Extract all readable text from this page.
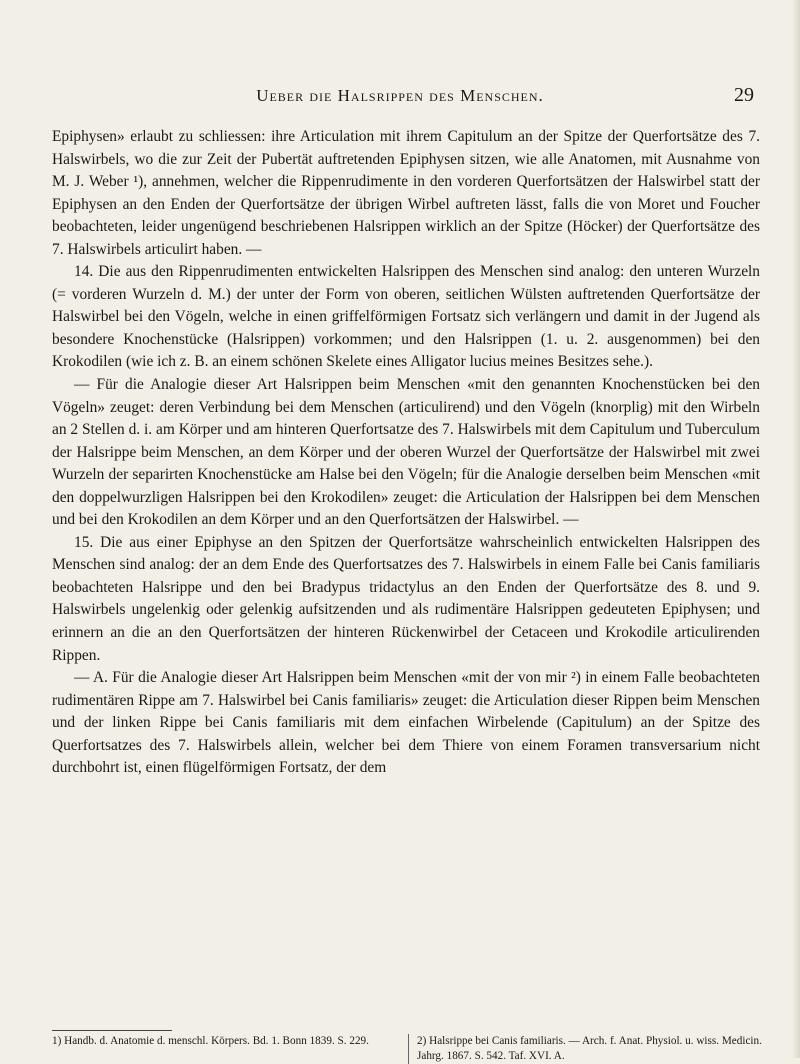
Ueber die Halsrippen des Menschen.	29

Epiphysen» erlaubt zu schliessen: ihre Articulation mit ihrem Capitulum an der Spitze der Querfortsätze des 7. Halswirbels, wo die zur Zeit der Pubertät auftretenden Epiphysen sitzen, wie alle Anatomen, mit Ausnahme von M. J. Weber ¹), annehmen, welcher die Rippenrudimente in den vorderen Querfortsätzen der Halswirbel statt der Epiphysen an den Enden der Querfortsätze der übrigen Wirbel auftreten lässt, falls die von Moret und Foucher beobachteten, leider ungenügend beschriebenen Halsrippen wirklich an der Spitze (Höcker) der Querfortsätze des 7. Halswirbels articulirt haben. —

14. Die aus den Rippenrudimenten entwickelten Halsrippen des Menschen sind analog: den unteren Wurzeln (= vorderen Wurzeln d. M.) der unter der Form von oberen, seitlichen Wülsten auftretenden Querfortsätze der Halswirbel bei den Vögeln, welche in einen griffelförmigen Fortsatz sich verlängern und damit in der Jugend als besondere Knochenstücke (Halsrippen) vorkommen; und den Halsrippen (1. u. 2. ausgenommen) bei den Krokodilen (wie ich z. B. an einem schönen Skelete eines Alligator lucius meines Besitzes sehe.).

— Für die Analogie dieser Art Halsrippen beim Menschen «mit den genannten Knochenstücken bei den Vögeln» zeuget: deren Verbindung bei dem Menschen (articulirend) und den Vögeln (knorplig) mit den Wirbeln an 2 Stellen d. i. am Körper und am hinteren Querfortsatze des 7. Halswirbels mit dem Capitulum und Tuberculum der Halsrippe beim Menschen, an dem Körper und der oberen Wurzel der Querfortsätze der Halswirbel mit zwei Wurzeln der separirten Knochenstücke am Halse bei den Vögeln; für die Analogie derselben beim Menschen «mit den doppelwurzligen Halsrippen bei den Krokodilen» zeuget: die Articulation der Halsrippen bei dem Menschen und bei den Krokodilen an dem Körper und an den Querfortsätzen der Halswirbel. —

15. Die aus einer Epiphyse an den Spitzen der Querfortsätze wahrscheinlich entwickelten Halsrippen des Menschen sind analog: der an dem Ende des Querfortsatzes des 7. Halswirbels in einem Falle bei Canis familiaris beobachteten Halsrippe und den bei Bradypus tridactylus an den Enden der Querfortsätze des 8. und 9. Halswirbels ungelenkig oder gelenkig aufsitzenden und als rudimentäre Halsrippen gedeuteten Epiphysen; und erinnern an die an den Querfortsätzen der hinteren Rückenwirbel der Cetaceen und Krokodile articulirenden Rippen.

— A. Für die Analogie dieser Art Halsrippen beim Menschen «mit der von mir ²) in einem Falle beobachteten rudimentären Rippe am 7. Halswirbel bei Canis familiaris» zeuget: die Articulation dieser Rippen beim Menschen und der linken Rippe bei Canis familiaris mit dem einfachen Wirbelende (Capitulum) an der Spitze des Querfortsatzes des 7. Halswirbels allein, welcher bei dem Thiere von einem Foramen transversarium nicht durchbohrt ist, einen flügelförmigen Fortsatz, der dem

1) Handb. d. Anatomie d. menschl. Körpers. Bd. 1. Bonn 1839. S. 229.	2) Halsrippe bei Canis familiaris. — Arch. f. Anat. Physiol. u. wiss. Medicin. Jahrg. 1867. S. 542. Taf. XVI. A.
